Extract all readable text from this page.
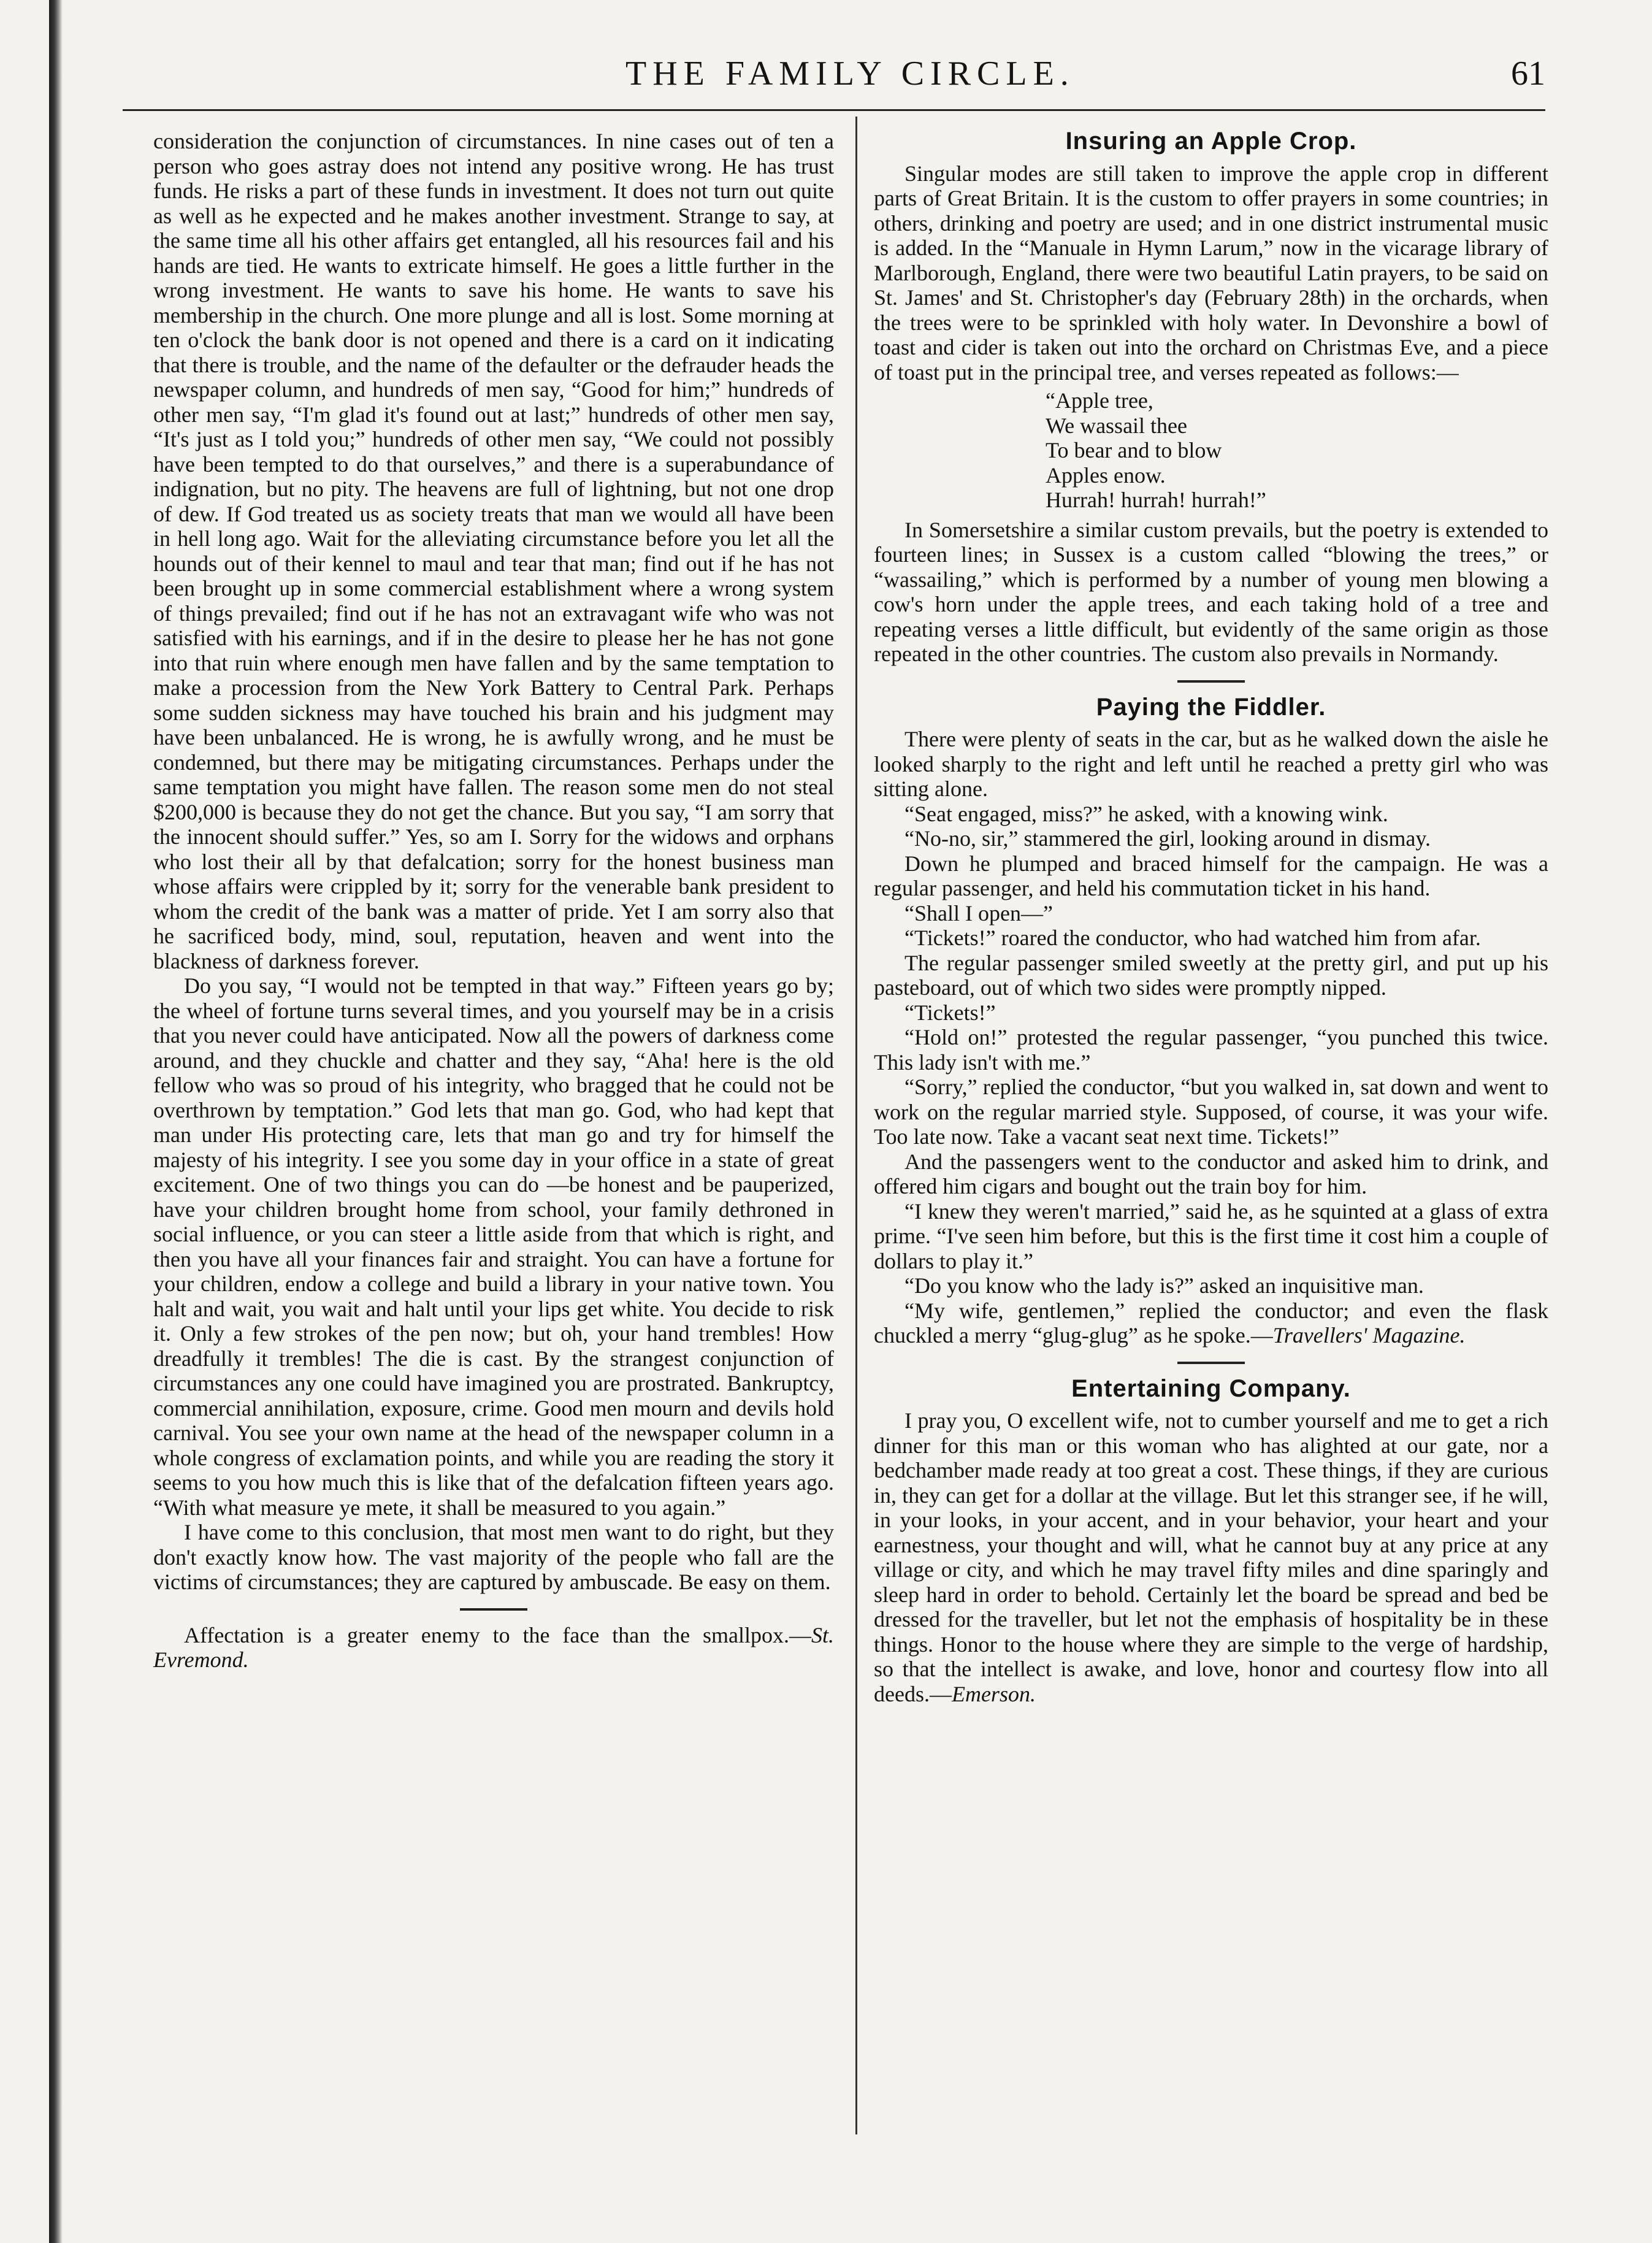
THE FAMILY CIRCLE.	61

consideration the conjunction of circumstances. In nine cases out of ten a person who goes astray does not intend any positive wrong. He has trust funds. He risks a part of these funds in investment. It does not turn out quite as well as he expected and he makes another investment. Strange to say, at the same time all his other affairs get entangled, all his resources fail and his hands are tied. He wants to extricate himself. He goes a little further in the wrong investment. He wants to save his home. He wants to save his membership in the church. One more plunge and all is lost. Some morning at ten o'clock the bank door is not opened and there is a card on it indicating that there is trouble, and the name of the defaulter or the defrauder heads the newspaper column, and hundreds of men say, “Good for him;” hundreds of other men say, “I'm glad it's found out at last;” hundreds of other men say, “It's just as I told you;” hundreds of other men say, “We could not possibly have been tempted to do that ourselves,” and there is a superabundance of indignation, but no pity. The heavens are full of lightning, but not one drop of dew. If God treated us as society treats that man we would all have been in hell long ago. Wait for the alleviating circumstance before you let all the hounds out of their kennel to maul and tear that man; find out if he has not been brought up in some commercial establishment where a wrong system of things prevailed; find out if he has not an extravagant wife who was not satisfied with his earnings, and if in the desire to please her he has not gone into that ruin where enough men have fallen and by the same temptation to make a procession from the New York Battery to Central Park. Perhaps some sudden sickness may have touched his brain and his judgment may have been unbalanced. He is wrong, he is awfully wrong, and he must be condemned, but there may be mitigating circumstances. Perhaps under the same temptation you might have fallen. The reason some men do not steal $200,000 is because they do not get the chance. But you say, “I am sorry that the innocent should suffer.” Yes, so am I. Sorry for the widows and orphans who lost their all by that defalcation; sorry for the honest business man whose affairs were crippled by it; sorry for the venerable bank president to whom the credit of the bank was a matter of pride. Yet I am sorry also that he sacrificed body, mind, soul, reputation, heaven and went into the blackness of darkness forever.

Do you say, “I would not be tempted in that way.” Fifteen years go by; the wheel of fortune turns several times, and you yourself may be in a crisis that you never could have anticipated. Now all the powers of darkness come around, and they chuckle and chatter and they say, “Aha! here is the old fellow who was so proud of his integrity, who bragged that he could not be overthrown by temptation.” God lets that man go. God, who had kept that man under His protecting care, lets that man go and try for himself the majesty of his integrity. I see you some day in your office in a state of great excitement. One of two things you can do —be honest and be pauperized, have your children brought home from school, your family dethroned in social influence, or you can steer a little aside from that which is right, and then you have all your finances fair and straight. You can have a fortune for your children, endow a college and build a library in your native town. You halt and wait, you wait and halt until your lips get white. You decide to risk it. Only a few strokes of the pen now; but oh, your hand trembles! How dreadfully it trembles! The die is cast. By the strangest conjunction of circumstances any one could have imagined you are prostrated. Bankruptcy, commercial annihilation, exposure, crime. Good men mourn and devils hold carnival. You see your own name at the head of the newspaper column in a whole congress of exclamation points, and while you are reading the story it seems to you how much this is like that of the defalcation fifteen years ago. “With what measure ye mete, it shall be measured to you again.”

I have come to this conclusion, that most men want to do right, but they don't exactly know how. The vast majority of the people who fall are the victims of circumstances; they are captured by ambuscade. Be easy on them.

Affectation is a greater enemy to the face than the smallpox.—St. Evremond.

Insuring an Apple Crop.

Singular modes are still taken to improve the apple crop in different parts of Great Britain. It is the custom to offer prayers in some countries; in others, drinking and poetry are used; and in one district instrumental music is added. In the “Manuale in Hymn Larum,” now in the vicarage library of Marlborough, England, there were two beautiful Latin prayers, to be said on St. James' and St. Christopher's day (February 28th) in the orchards, when the trees were to be sprinkled with holy water. In Devonshire a bowl of toast and cider is taken out into the orchard on Christmas Eve, and a piece of toast put in the principal tree, and verses repeated as follows:—

“Apple tree,
We wassail thee
To bear and to blow
Apples enow.
Hurrah! hurrah! hurrah!”

In Somersetshire a similar custom prevails, but the poetry is extended to fourteen lines; in Sussex is a custom called “blowing the trees,” or “wassailing,” which is performed by a number of young men blowing a cow's horn under the apple trees, and each taking hold of a tree and repeating verses a little difficult, but evidently of the same origin as those repeated in the other countries. The custom also prevails in Normandy.

Paying the Fiddler.

There were plenty of seats in the car, but as he walked down the aisle he looked sharply to the right and left until he reached a pretty girl who was sitting alone.

“Seat engaged, miss?” he asked, with a knowing wink.

“No-no, sir,” stammered the girl, looking around in dismay.

Down he plumped and braced himself for the campaign. He was a regular passenger, and held his commutation ticket in his hand.

“Shall I open—”

“Tickets!” roared the conductor, who had watched him from afar.

The regular passenger smiled sweetly at the pretty girl, and put up his pasteboard, out of which two sides were promptly nipped.

“Tickets!”

“Hold on!” protested the regular passenger, “you punched this twice. This lady isn't with me.”

“Sorry,” replied the conductor, “but you walked in, sat down and went to work on the regular married style. Supposed, of course, it was your wife. Too late now. Take a vacant seat next time. Tickets!”

And the passengers went to the conductor and asked him to drink, and offered him cigars and bought out the train boy for him.

“I knew they weren't married,” said he, as he squinted at a glass of extra prime. “I've seen him before, but this is the first time it cost him a couple of dollars to play it.”

“Do you know who the lady is?” asked an inquisitive man.

“My wife, gentlemen,” replied the conductor; and even the flask chuckled a merry “glug-glug” as he spoke.—Travellers' Magazine.

Entertaining Company.

I pray you, O excellent wife, not to cumber yourself and me to get a rich dinner for this man or this woman who has alighted at our gate, nor a bedchamber made ready at too great a cost. These things, if they are curious in, they can get for a dollar at the village. But let this stranger see, if he will, in your looks, in your accent, and in your behavior, your heart and your earnestness, your thought and will, what he cannot buy at any price at any village or city, and which he may travel fifty miles and dine sparingly and sleep hard in order to behold. Certainly let the board be spread and bed be dressed for the traveller, but let not the emphasis of hospitality be in these things. Honor to the house where they are simple to the verge of hardship, so that the intellect is awake, and love, honor and courtesy flow into all deeds.—Emerson.
